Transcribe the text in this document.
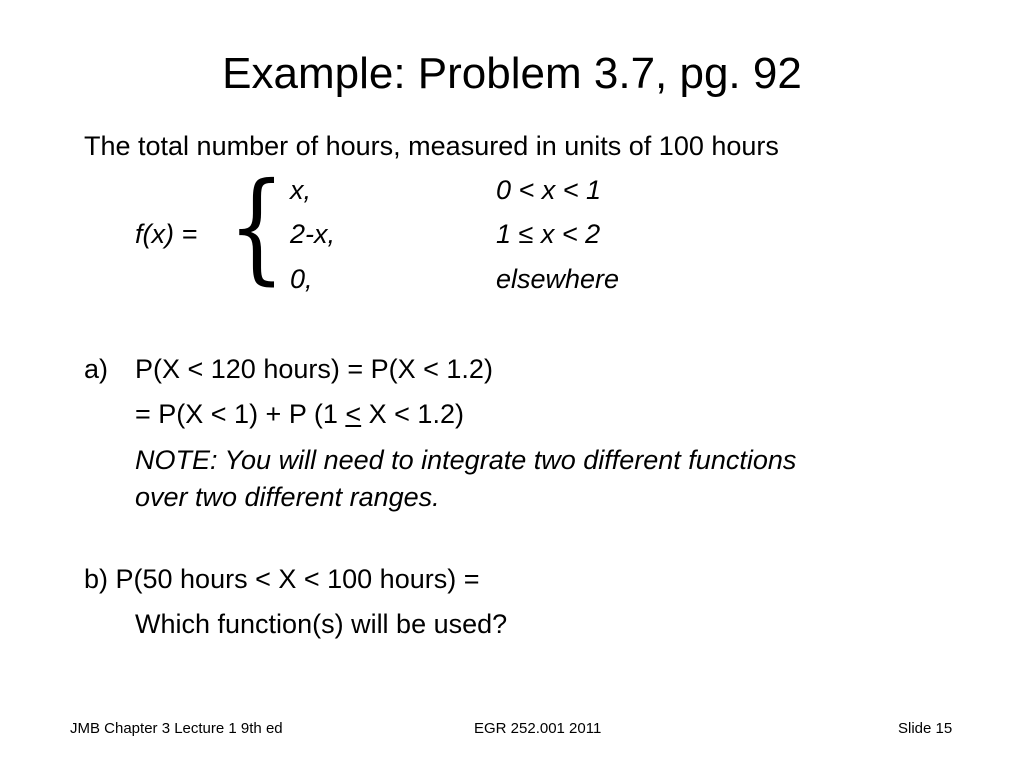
Example: Problem 3.7, pg. 92
The total number of hours, measured in units of 100 hours
f(x) = { x,	0 < x < 1
2-x,	1 ≤ x < 2
0,	elsewhere
a) P(X < 120 hours) = P(X < 1.2)
= P(X < 1) + P (1 ≤ X < 1.2)
NOTE: You will need to integrate two different functions
over two different ranges.
b) P(50 hours < X < 100 hours) =
Which function(s) will be used?
JMB Chapter 3 Lecture 1 9th ed	EGR 252.001 2011	Slide 15
